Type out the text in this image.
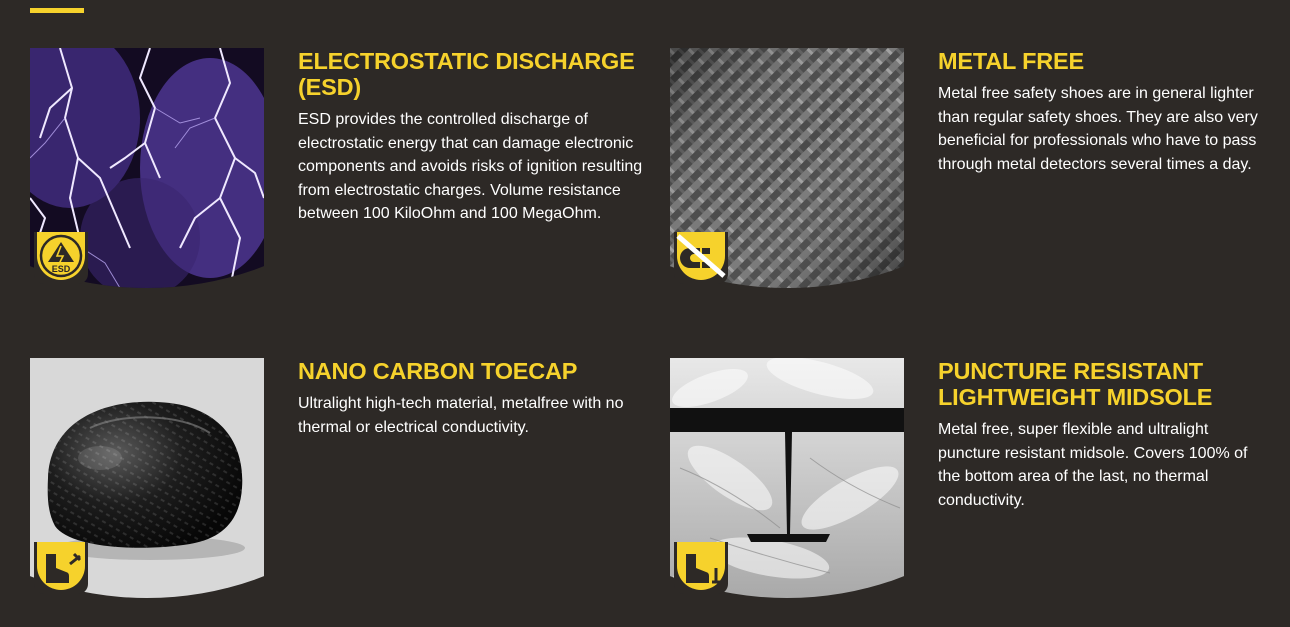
ESD
ELECTROSTATIC DISCHARGE (ESD)

ESD provides the controlled discharge of electrostatic energy that can damage electronic components and avoids risks of ignition resulting from electrostatic charges. Volume resistance between 100 KiloOhm and 100 MegaOhm.

METAL FREE

Metal free safety shoes are in general lighter than regular safety shoes. They are also very beneficial for professionals who have to pass through metal detectors several times a day.

NANO CARBON TOECAP

Ultralight high-tech material, metalfree with no thermal or electrical conductivity.

PUNCTURE RESISTANT LIGHTWEIGHT MIDSOLE

Metal free, super flexible and ultralight puncture resistant midsole. Covers 100% of the bottom area of the last, no thermal conductivity.
